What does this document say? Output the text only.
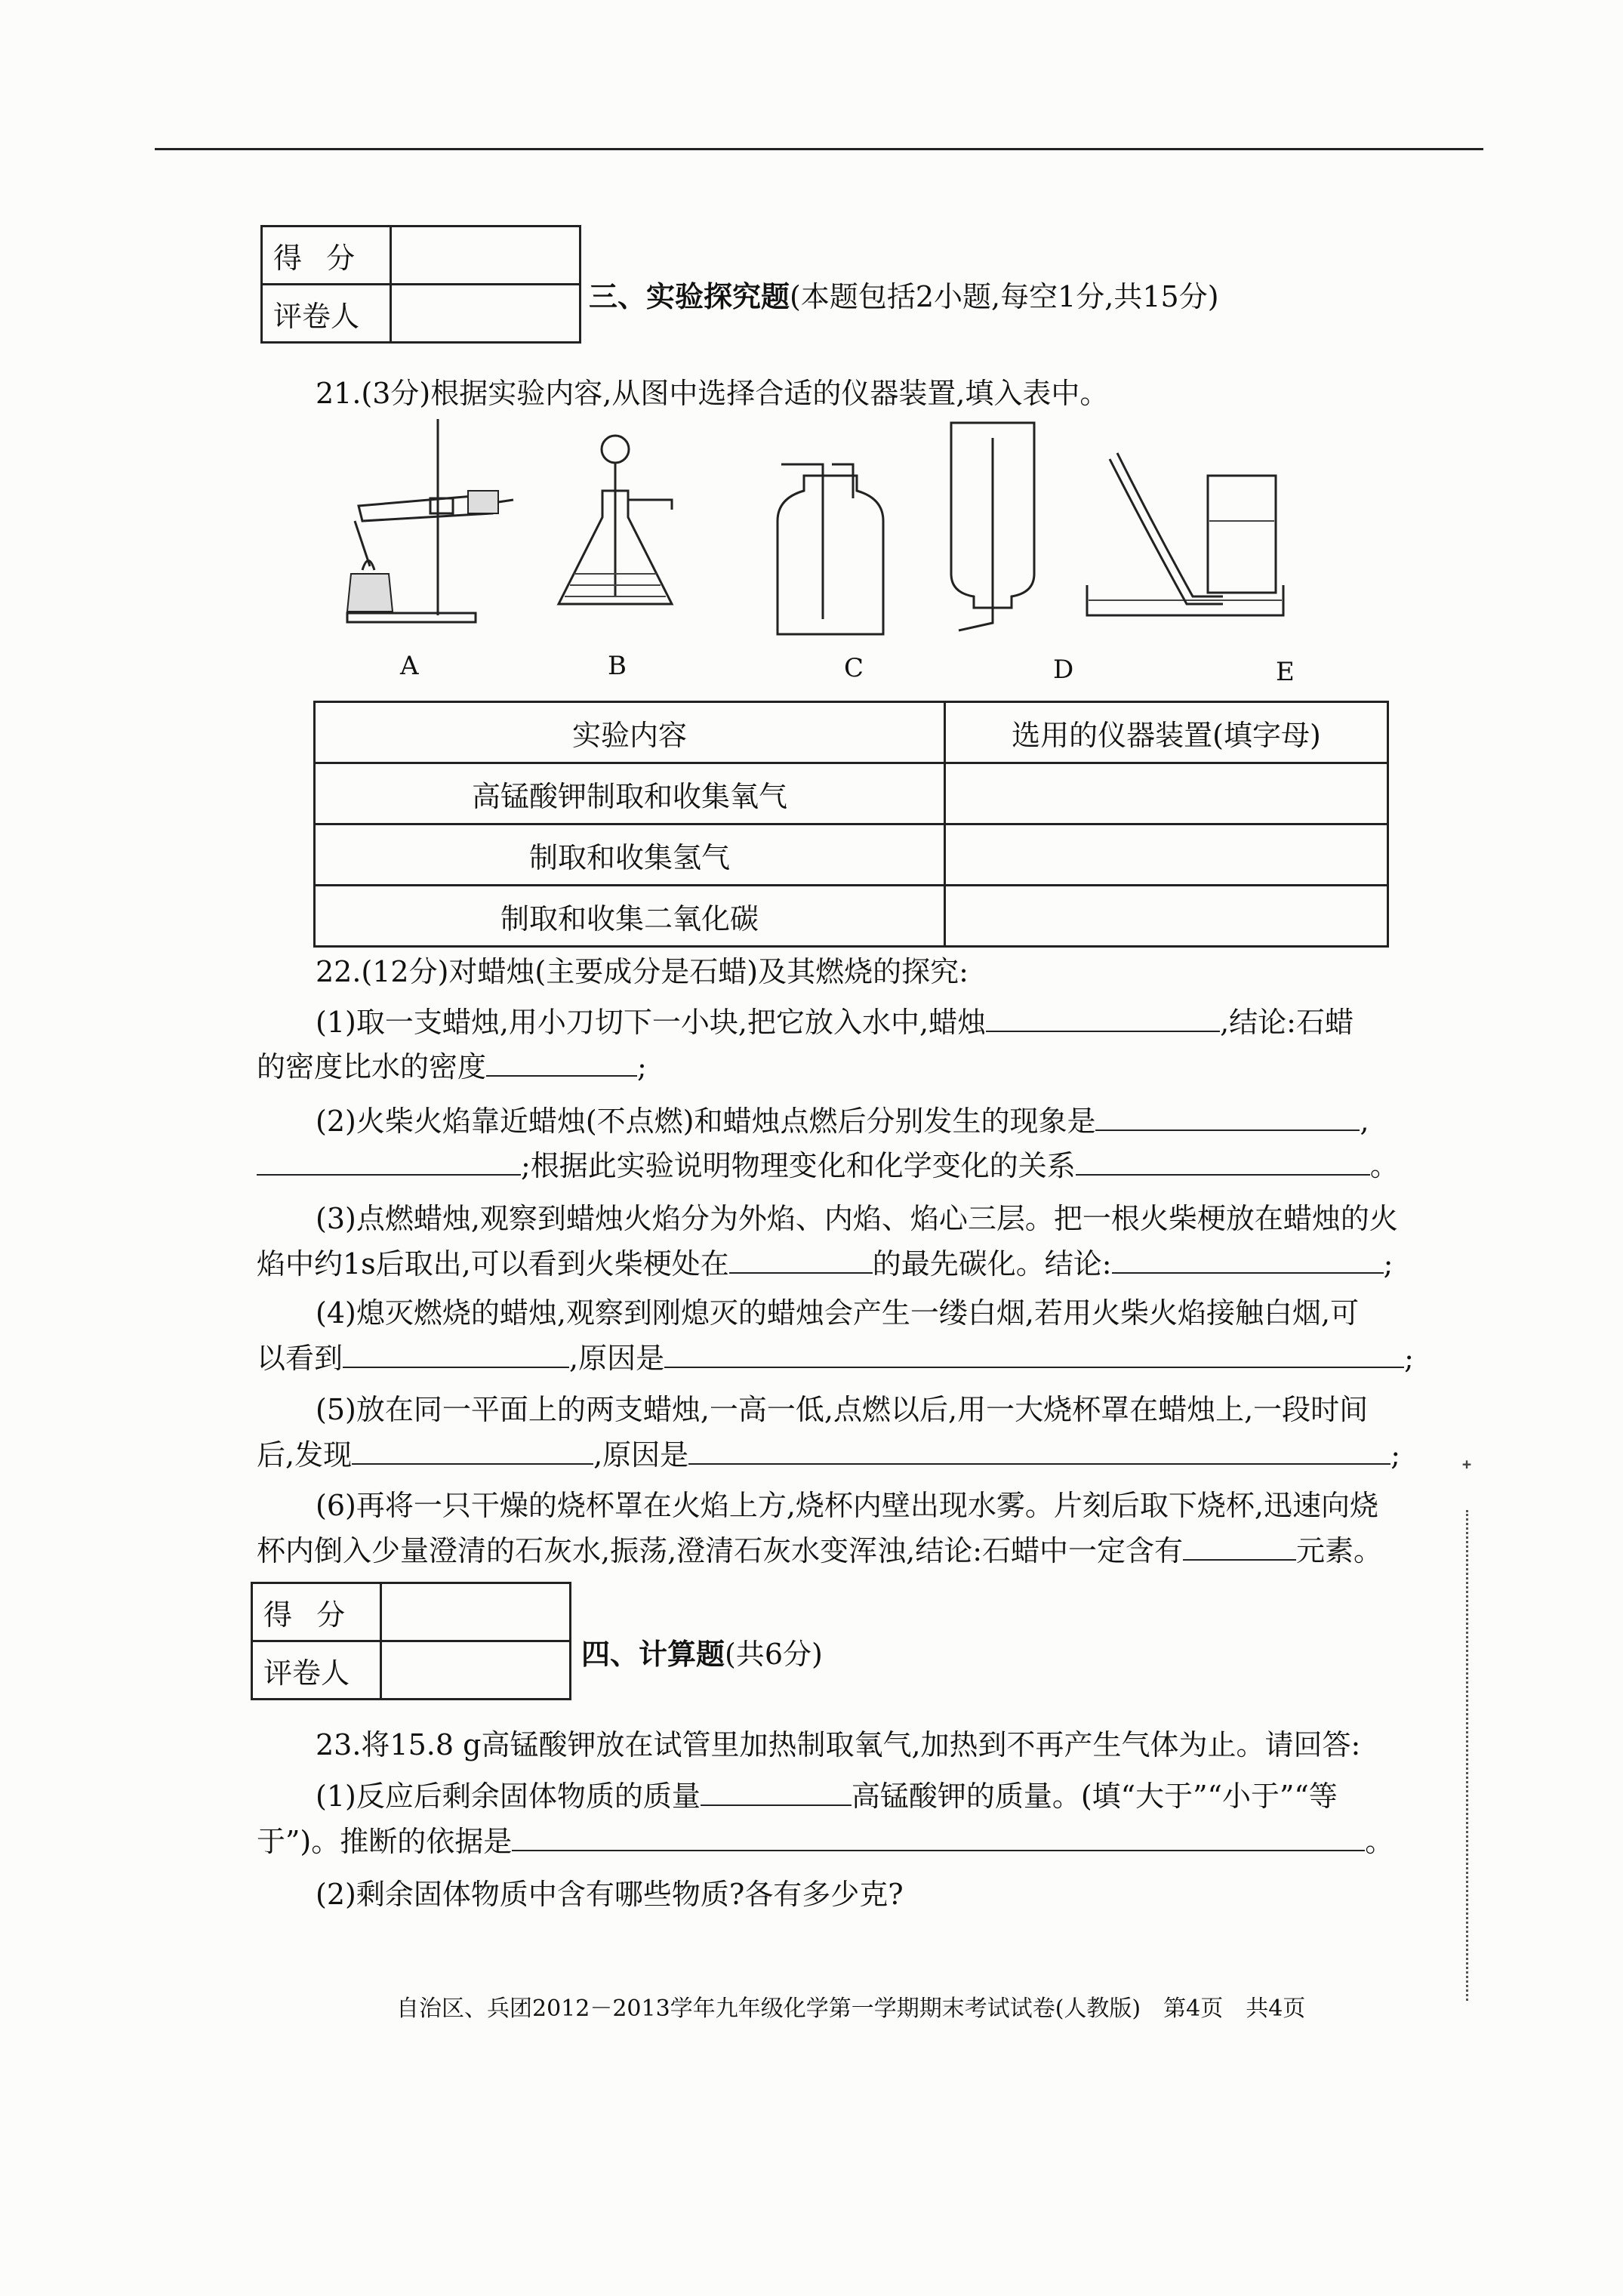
得 分	
评卷人	
三、实验探究题(本题包括2小题,每空1分,共15分)
21.(3分)根据实验内容,从图中选择合适的仪器装置,填入表中。
A	B	C	D	E
实验内容	选用的仪器装置(填字母)
高锰酸钾制取和收集氧气	
制取和收集氢气	
制取和收集二氧化碳	
22.(12分)对蜡烛(主要成分是石蜡)及其燃烧的探究:
(1)取一支蜡烛,用小刀切下一小块,把它放入水中,蜡烛	,结论:石蜡
的密度比水的密度	;
(2)火柴火焰靠近蜡烛(不点燃)和蜡烛点燃后分别发生的现象是	,
;根据此实验说明物理变化和化学变化的关系	。
(3)点燃蜡烛,观察到蜡烛火焰分为外焰、内焰、焰心三层。把一根火柴梗放在蜡烛的火
焰中约1s后取出,可以看到火柴梗处在	的最先碳化。结论:	;
(4)熄灭燃烧的蜡烛,观察到刚熄灭的蜡烛会产生一缕白烟,若用火柴火焰接触白烟,可
以看到	,原因是	;
(5)放在同一平面上的两支蜡烛,一高一低,点燃以后,用一大烧杯罩在蜡烛上,一段时间
后,发现	,原因是	;
(6)再将一只干燥的烧杯罩在火焰上方,烧杯内壁出现水雾。片刻后取下烧杯,迅速向烧
杯内倒入少量澄清的石灰水,振荡,澄清石灰水变浑浊,结论:石蜡中一定含有	元素。
得 分	
评卷人	
四、计算题(共6分)
23.将15.8 g高锰酸钾放在试管里加热制取氧气,加热到不再产生气体为止。请回答:
(1)反应后剩余固体物质的质量	高锰酸钾的质量。(填“大于”“小于”“等
于”)。推断的依据是	。
(2)剩余固体物质中含有哪些物质?各有多少克?
ᐩ
自治区、兵团2012－2013学年九年级化学第一学期期末考试试卷(人教版)　第4页　共4页
